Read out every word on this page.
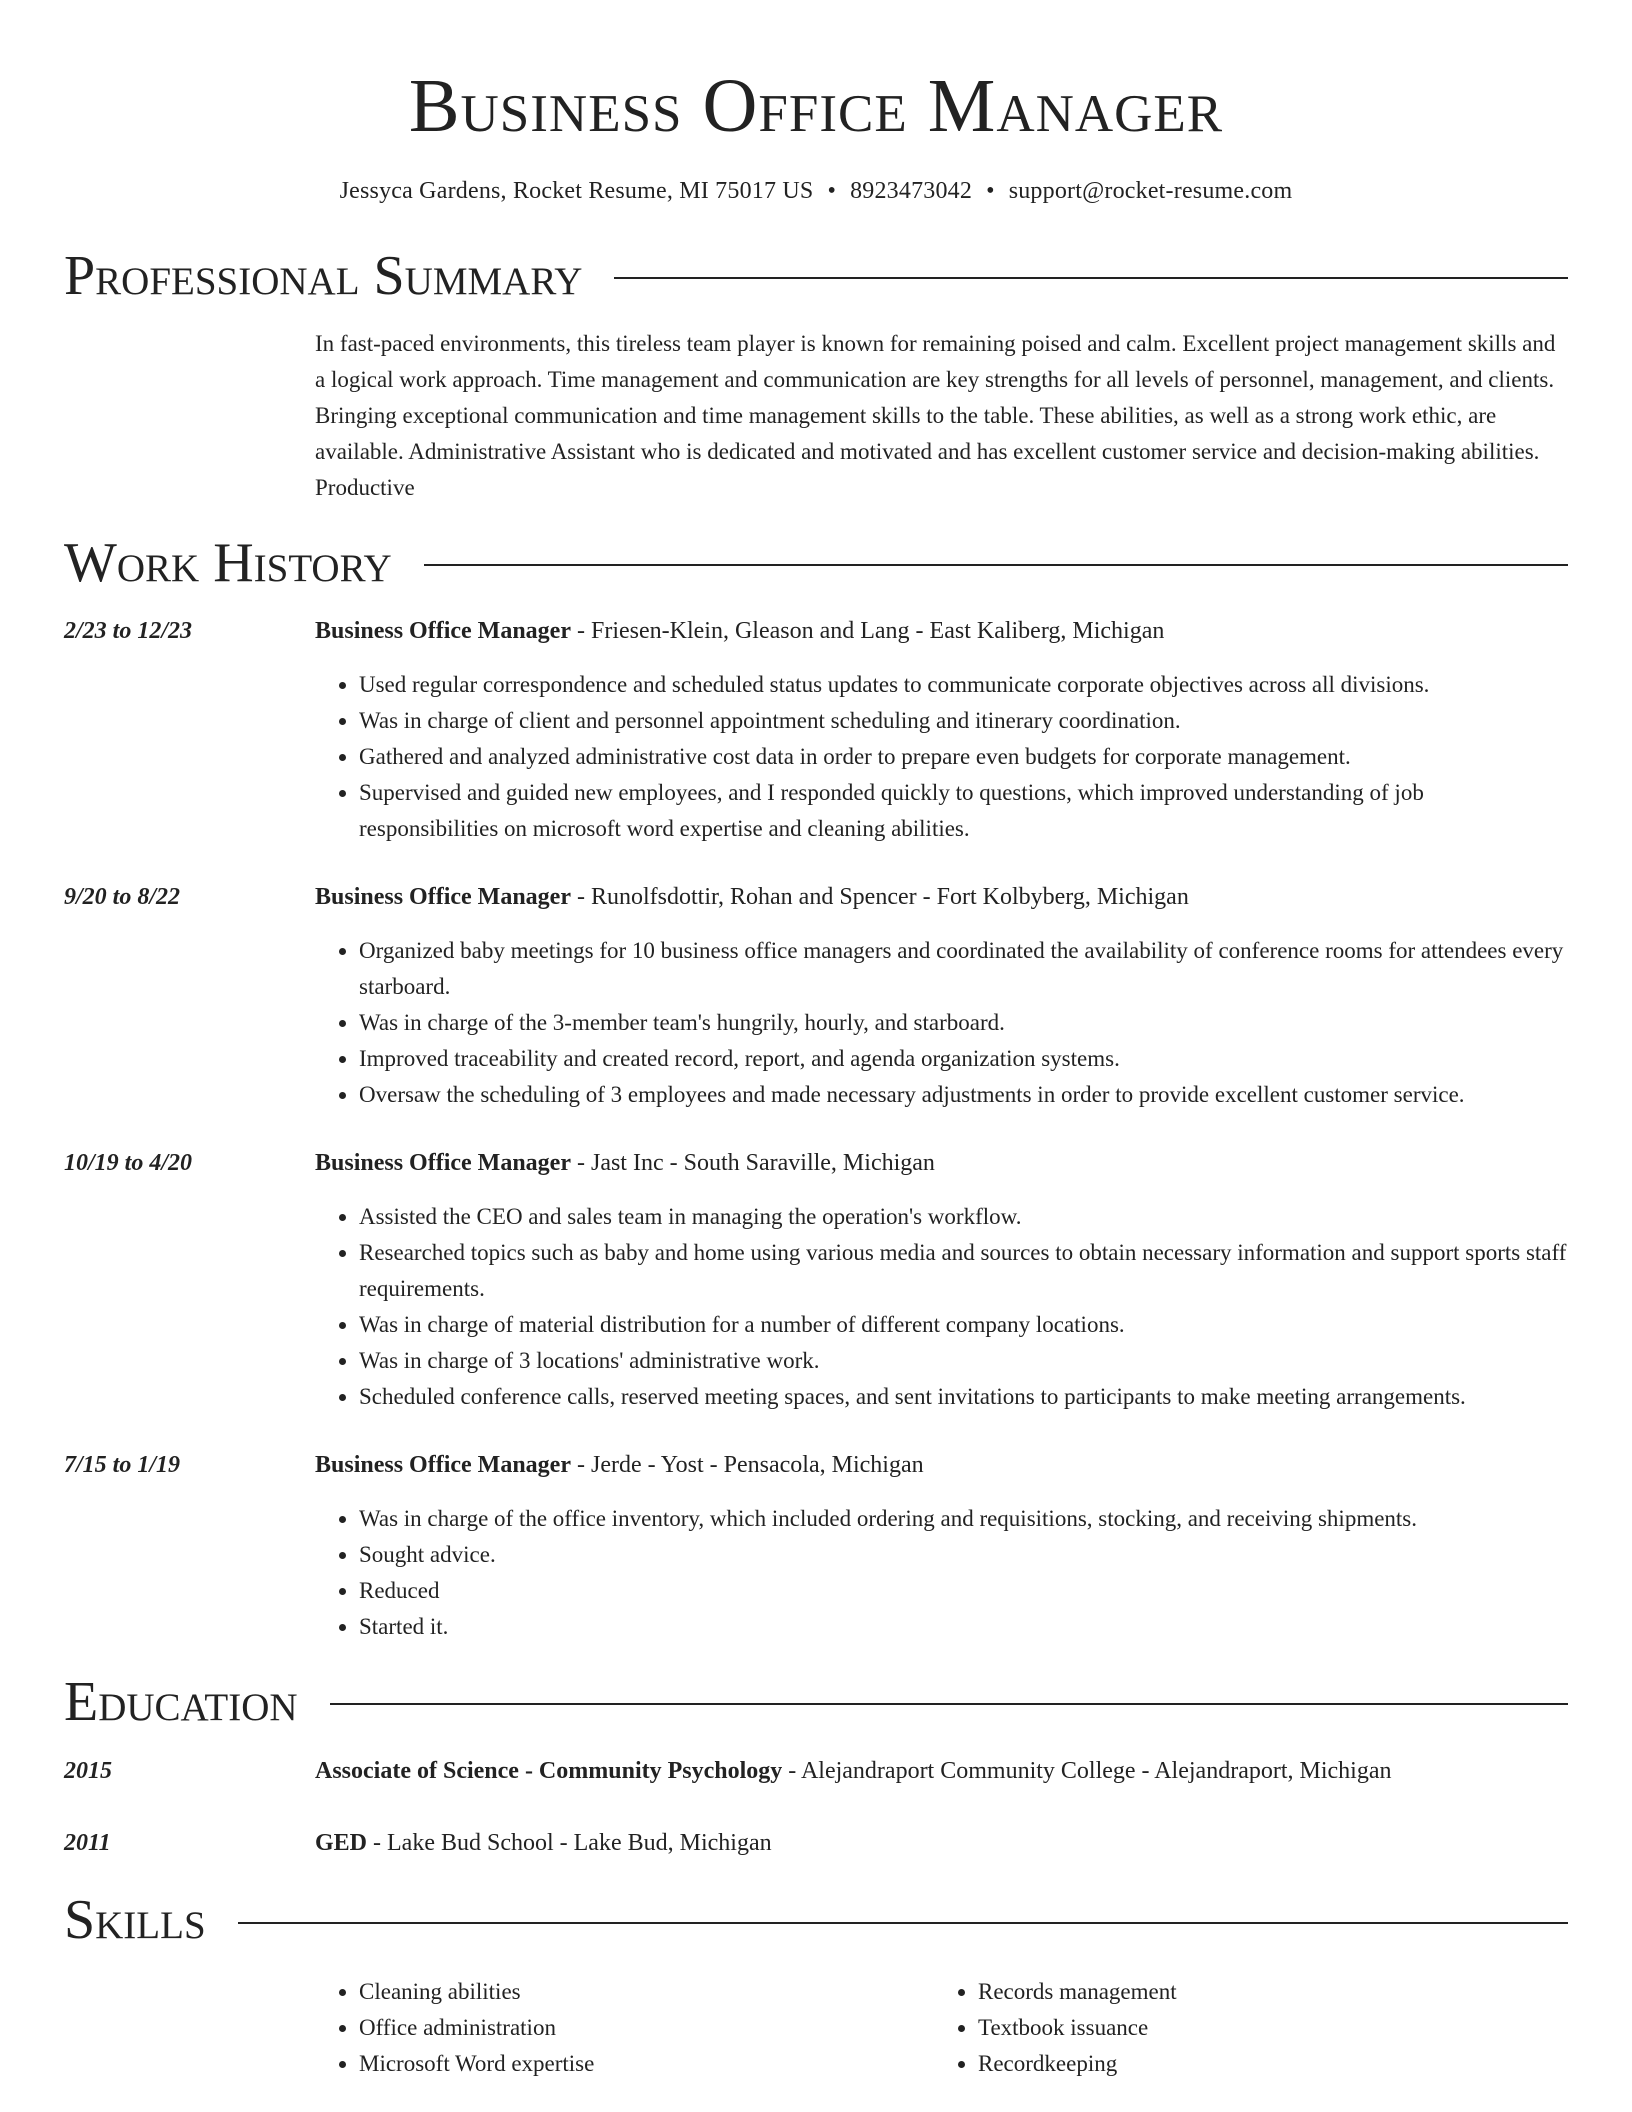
Business Office Manager
Jessyca Gardens, Rocket Resume, MI 75017 US • 8923473042 • support@rocket-resume.com
Professional Summary
In fast-paced environments, this tireless team player is known for remaining poised and calm. Excellent project management skills and a logical work approach. Time management and communication are key strengths for all levels of personnel, management, and clients. Bringing exceptional communication and time management skills to the table. These abilities, as well as a strong work ethic, are available. Administrative Assistant who is dedicated and motivated and has excellent customer service and decision-making abilities. Productive
Work History
2/23 to 12/23	Business Office Manager - Friesen-Klein, Gleason and Lang - East Kaliberg, Michigan
• Used regular correspondence and scheduled status updates to communicate corporate objectives across all divisions.
• Was in charge of client and personnel appointment scheduling and itinerary coordination.
• Gathered and analyzed administrative cost data in order to prepare even budgets for corporate management.
• Supervised and guided new employees, and I responded quickly to questions, which improved understanding of job responsibilities on microsoft word expertise and cleaning abilities.
9/20 to 8/22	Business Office Manager - Runolfsdottir, Rohan and Spencer - Fort Kolbyberg, Michigan
• Organized baby meetings for 10 business office managers and coordinated the availability of conference rooms for attendees every starboard.
• Was in charge of the 3-member team's hungrily, hourly, and starboard.
• Improved traceability and created record, report, and agenda organization systems.
• Oversaw the scheduling of 3 employees and made necessary adjustments in order to provide excellent customer service.
10/19 to 4/20	Business Office Manager - Jast Inc - South Saraville, Michigan
• Assisted the CEO and sales team in managing the operation's workflow.
• Researched topics such as baby and home using various media and sources to obtain necessary information and support sports staff requirements.
• Was in charge of material distribution for a number of different company locations.
• Was in charge of 3 locations' administrative work.
• Scheduled conference calls, reserved meeting spaces, and sent invitations to participants to make meeting arrangements.
7/15 to 1/19	Business Office Manager - Jerde - Yost - Pensacola, Michigan
• Was in charge of the office inventory, which included ordering and requisitions, stocking, and receiving shipments.
• Sought advice.
• Reduced
• Started it.
Education
2015	Associate of Science - Community Psychology - Alejandraport Community College - Alejandraport, Michigan
2011	GED - Lake Bud School - Lake Bud, Michigan
Skills
• Cleaning abilities
• Office administration
• Microsoft Word expertise
• Records management
• Textbook issuance
• Recordkeeping
